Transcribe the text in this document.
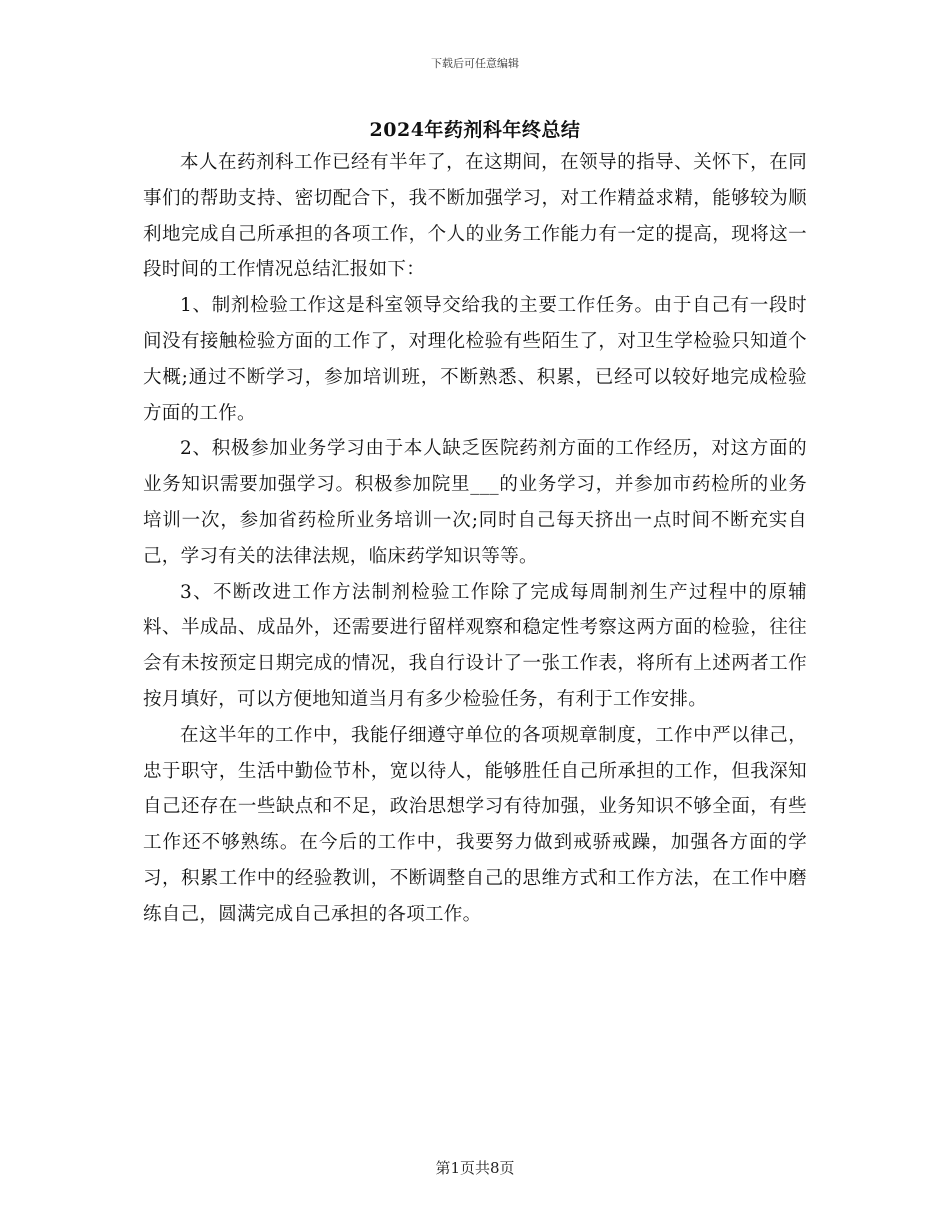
下载后可任意编辑
2024年药剂科年终总结

本人在药剂科工作已经有半年了，在这期间，在领导的指导、关怀下，在同事们的帮助支持、密切配合下，我不断加强学习，对工作精益求精，能够较为顺利地完成自己所承担的各项工作，个人的业务工作能力有一定的提高，现将这一段时间的工作情况总结汇报如下：

1、制剂检验工作这是科室领导交给我的主要工作任务。由于自己有一段时间没有接触检验方面的工作了，对理化检验有些陌生了，对卫生学检验只知道个大概;通过不断学习，参加培训班，不断熟悉、积累，已经可以较好地完成检验方面的工作。

2、积极参加业务学习由于本人缺乏医院药剂方面的工作经历，对这方面的业务知识需要加强学习。积极参加院里___的业务学习，并参加市药检所的业务培训一次，参加省药检所业务培训一次;同时自己每天挤出一点时间不断充实自己，学习有关的法律法规，临床药学知识等等。

3、不断改进工作方法制剂检验工作除了完成每周制剂生产过程中的原辅料、半成品、成品外，还需要进行留样观察和稳定性考察这两方面的检验，往往会有未按预定日期完成的情况，我自行设计了一张工作表，将所有上述两者工作按月填好，可以方便地知道当月有多少检验任务，有利于工作安排。

在这半年的工作中，我能仔细遵守单位的各项规章制度，工作中严以律己，忠于职守，生活中勤俭节朴，宽以待人，能够胜任自己所承担的工作，但我深知自己还存在一些缺点和不足，政治思想学习有待加强，业务知识不够全面，有些工作还不够熟练。在今后的工作中，我要努力做到戒骄戒躁，加强各方面的学习，积累工作中的经验教训，不断调整自己的思维方式和工作方法，在工作中磨练自己，圆满完成自己承担的各项工作。

第1页共8页
